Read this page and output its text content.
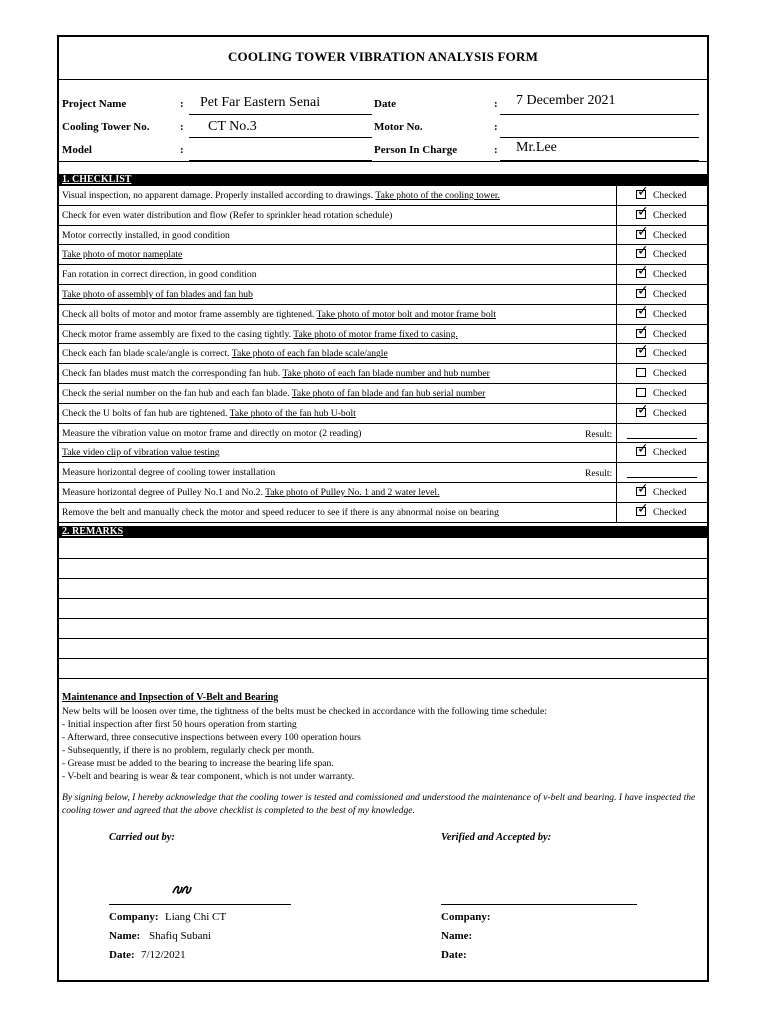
COOLING TOWER VIBRATION ANALYSIS FORM
Project Name	: Pet Far Eastern Senai
Cooling Tower No.	: CT No.3
Model	:
Date	: 7 December 2021
Motor No.	:
Person In Charge	: Mr.Lee
1. CHECKLIST
Visual inspection, no apparent damage. Properly installed according to drawings. Take photo of the cooling tower.	✓ Checked
Check for even water distribution and flow (Refer to sprinkler head rotation schedule)	✓ Checked
Motor correctly installed, in good condition	✓ Checked
Take photo of motor nameplate	✓ Checked
Fan rotation in correct direction, in good condition	✓ Checked
Take photo of assembly of fan blades and fan hub	✓ Checked
Check all bolts of motor and motor frame assembly are tightened. Take photo of motor bolt and motor frame bolt	✓ Checked
Check motor frame assembly are fixed to the casing tightly. Take photo of motor frame fixed to casing.	✓ Checked
Check each fan blade scale/angle is correct. Take photo of each fan blade scale/angle	✓ Checked
Check fan blades must match the corresponding fan hub. Take photo of each fan blade number and hub number	Checked
Check the serial number on the fan hub and each fan blade. Take photo of fan blade and fan hub serial number	Checked
Check the U bolts of fan hub are tightened. Take photo of the fan hub U-bolt	✓ Checked
Measure the vibration value on motor frame and directly on motor (2 reading)	Result:
Take video clip of vibration value testing	✓ Checked
Measure horizontal degree of cooling tower installation	Result:
Measure horizontal degree of Pulley No.1 and No.2. Take photo of Pulley No. 1 and 2 water level.	✓ Checked
Remove the belt and manually check the motor and speed reducer to see if there is any abnormal noise on bearing	✓ Checked
2. REMARKS
Maintenance and Inpsection of V-Belt and Bearing
New belts will be loosen over time, the tightness of the belts must be checked in accordance with the following time schedule:
- Initial inspection after first 50 hours operation from starting
- Afterward, three consecutive inspections between every 100 operation hours
- Subsequently, if there is no problem, regularly check per month.
- Grease must be added to the bearing to increase the bearing life span.
- V-belt and bearing is wear & tear component, which is not under warranty.
By signing below, I hereby acknowledge that the cooling tower is tested and comissioned and understood the maintenance of v-belt and bearing. I have inspected the cooling tower and agreed that the above checklist is completed to the best of my knowledge.
Carried out by:	Verified and Accepted by:
Company: Liang Chi CT
Name: Shafiq Subani
Date: 7/12/2021
Company:
Name:
Date:
